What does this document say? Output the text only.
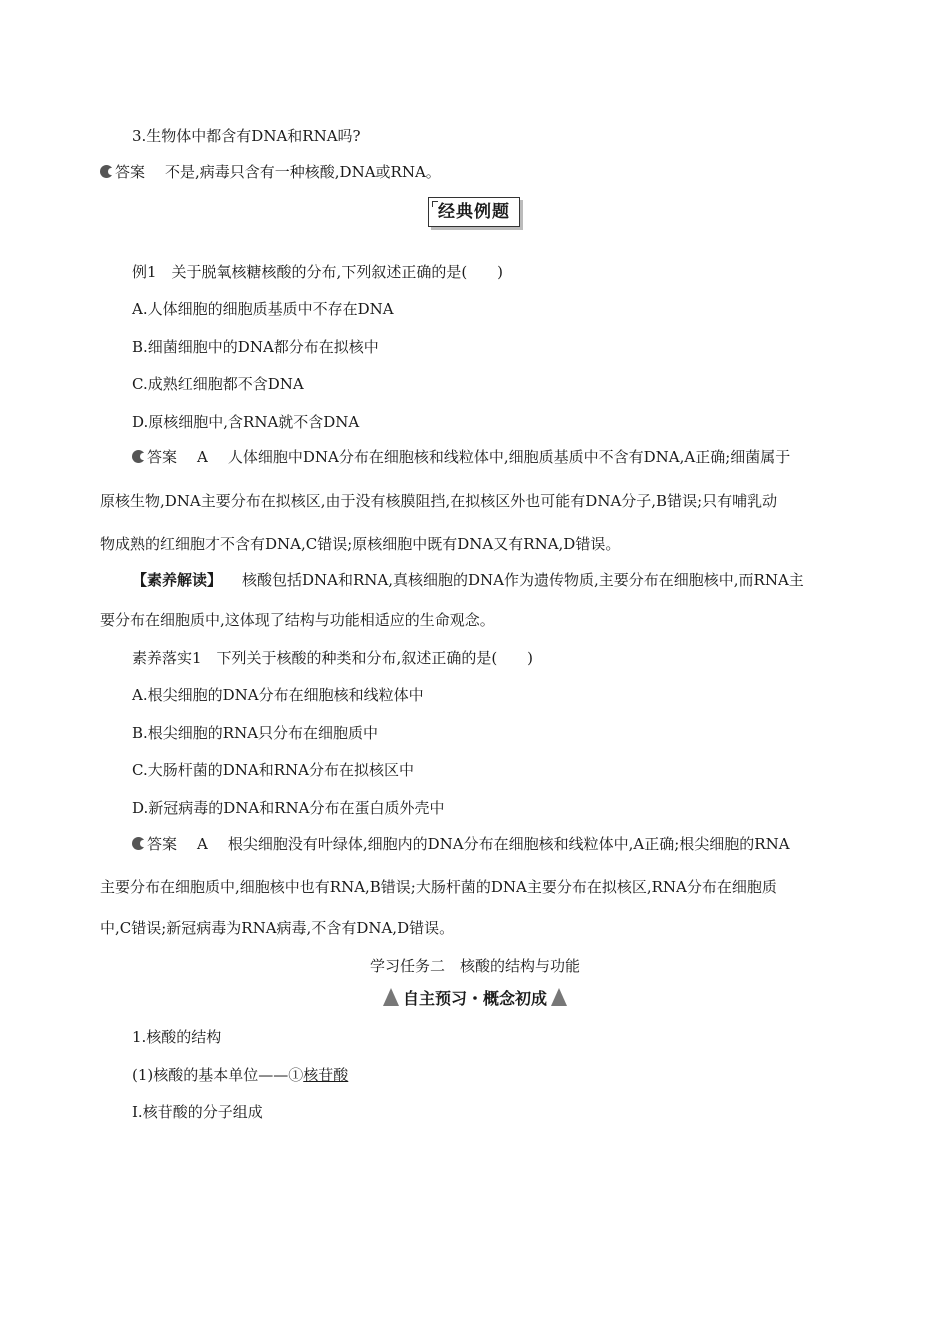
3.生物体中都含有DNA和RNA吗?
答案 不是,病毒只含有一种核酸,DNA或RNA。
经典例题
例1　关于脱氧核糖核酸的分布,下列叙述正确的是(　　)
A.人体细胞的细胞质基质中不存在DNA
B.细菌细胞中的DNA都分布在拟核中
C.成熟红细胞都不含DNA
D.原核细胞中,含RNA就不含DNA
答案 A 人体细胞中DNA分布在细胞核和线粒体中,细胞质基质中不含有DNA,A正确;细菌属于
原核生物,DNA主要分布在拟核区,由于没有核膜阻挡,在拟核区外也可能有DNA分子,B错误;只有哺乳动
物成熟的红细胞才不含有DNA,C错误;原核细胞中既有DNA又有RNA,D错误。
【素养解读】 核酸包括DNA和RNA,真核细胞的DNA作为遗传物质,主要分布在细胞核中,而RNA主
要分布在细胞质中,这体现了结构与功能相适应的生命观念。
素养落实1　下列关于核酸的种类和分布,叙述正确的是(　　)
A.根尖细胞的DNA分布在细胞核和线粒体中
B.根尖细胞的RNA只分布在细胞质中
C.大肠杆菌的DNA和RNA分布在拟核区中
D.新冠病毒的DNA和RNA分布在蛋白质外壳中
答案 A 根尖细胞没有叶绿体,细胞内的DNA分布在细胞核和线粒体中,A正确;根尖细胞的RNA
主要分布在细胞质中,细胞核中也有RNA,B错误;大肠杆菌的DNA主要分布在拟核区,RNA分布在细胞质
中,C错误;新冠病毒为RNA病毒,不含有DNA,D错误。
学习任务二　核酸的结构与功能
自主预习・概念初成
1.核酸的结构
(1)核酸的基本单位——①核苷酸
Ⅰ.核苷酸的分子组成
